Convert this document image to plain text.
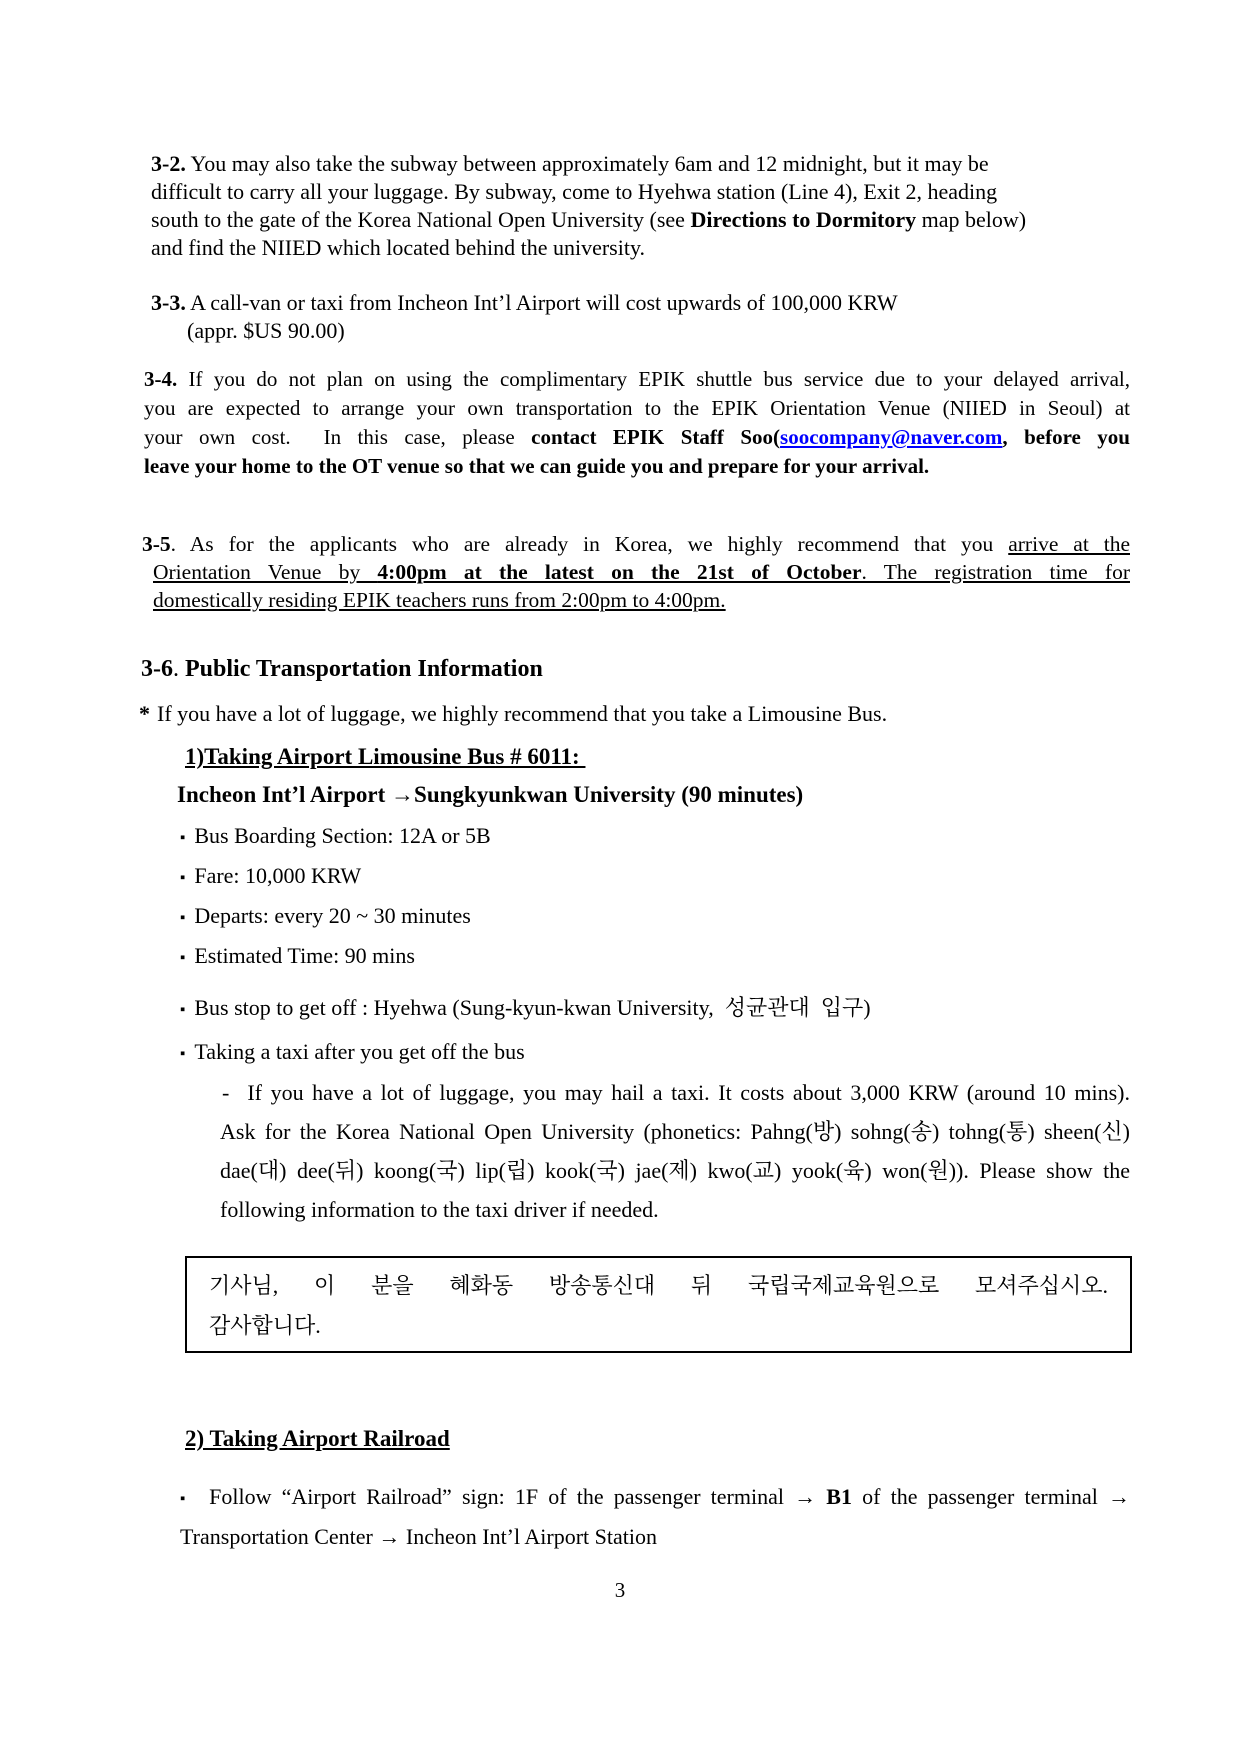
3-2. You may also take the subway between approximately 6am and 12 midnight, but it may be
difficult to carry all your luggage. By subway, come to Hyehwa station (Line 4), Exit 2, heading
south to the gate of the Korea National Open University (see Directions to Dormitory map below)
and find the NIIED which located behind the university.
3-3. A call-van or taxi from Incheon Int’l Airport will cost upwards of 100,000 KRW
(appr. $US 90.00)
3-4. If you do not plan on using the complimentary EPIK shuttle bus service due to your delayed arrival,
you are expected to arrange your own transportation to the EPIK Orientation Venue (NIIED in Seoul) at
your own cost.  In this case, please contact EPIK Staff Soo(soocompany@naver.com, before you
leave your home to the OT venue so that we can guide you and prepare for your arrival.
3-5. As for the applicants who are already in Korea, we highly recommend that you arrive at the
Orientation Venue by 4:00pm at the latest on the 21st of October. The registration time for
domestically residing EPIK teachers runs from 2:00pm to 4:00pm.
3-6. Public Transportation Information
* If you have a lot of luggage, we highly recommend that you take a Limousine Bus.
1)Taking Airport Limousine Bus # 6011:
Incheon Int’l Airport →Sungkyunkwan University (90 minutes)
▪ Bus Boarding Section: 12A or 5B
▪ Fare: 10,000 KRW
▪ Departs: every 20 ~ 30 minutes
▪ Estimated Time: 90 mins
▪ Bus stop to get off : Hyehwa (Sung-kyun-kwan University,  성균관대  입구)
▪ Taking a taxi after you get off the bus
- If you have a lot of luggage, you may hail a taxi. It costs about 3,000 KRW (around 10 mins).
Ask for the Korea National Open University (phonetics: Pahng(방) sohng(송) tohng(통) sheen(신)
dae(대) dee(뒤) koong(국) lip(립) kook(국) jae(제) kwo(교) yook(육) won(원)). Please show the
following information to the taxi driver if needed.
기사님, 이 분을 혜화동 방송통신대 뒤 국립국제교육원으로 모셔주십시오.
감사합니다.
2) Taking Airport Railroad
▪ Follow “Airport Railroad” sign: 1F of the passenger terminal → B1 of the passenger terminal →
Transportation Center → Incheon Int’l Airport Station
3
